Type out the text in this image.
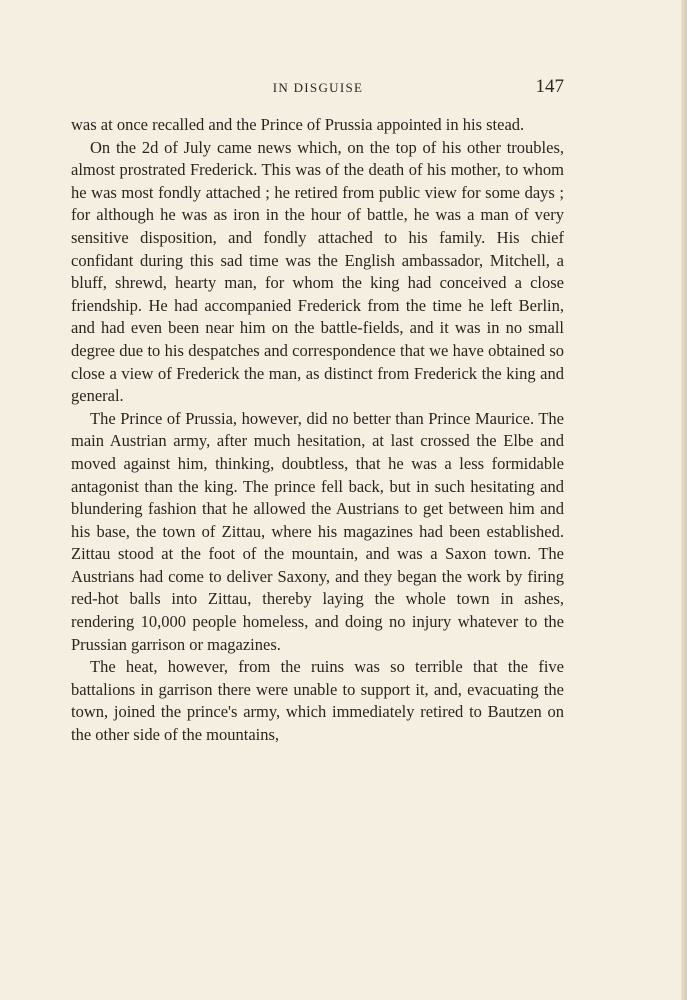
IN DISGUISE	147

was at once recalled and the Prince of Prussia appointed in his stead.

On the 2d of July came news which, on the top of his other troubles, almost prostrated Frederick. This was of the death of his mother, to whom he was most fondly attached ; he retired from public view for some days ; for although he was as iron in the hour of battle, he was a man of very sensitive disposition, and fondly attached to his family. His chief confidant during this sad time was the English ambassador, Mitchell, a bluff, shrewd, hearty man, for whom the king had conceived a close friendship. He had accompanied Frederick from the time he left Berlin, and had even been near him on the battle-fields, and it was in no small degree due to his despatches and correspondence that we have obtained so close a view of Frederick the man, as distinct from Frederick the king and general.

The Prince of Prussia, however, did no better than Prince Maurice. The main Austrian army, after much hesitation, at last crossed the Elbe and moved against him, thinking, doubtless, that he was a less formidable antagonist than the king. The prince fell back, but in such hesitating and blundering fashion that he allowed the Austrians to get between him and his base, the town of Zittau, where his magazines had been established. Zittau stood at the foot of the mountain, and was a Saxon town. The Austrians had come to deliver Saxony, and they began the work by firing red-hot balls into Zittau, thereby laying the whole town in ashes, rendering 10,000 people homeless, and doing no injury whatever to the Prussian garrison or magazines.

The heat, however, from the ruins was so terrible that the five battalions in garrison there were unable to support it, and, evacuating the town, joined the prince's army, which immediately retired to Bautzen on the other side of the mountains,
